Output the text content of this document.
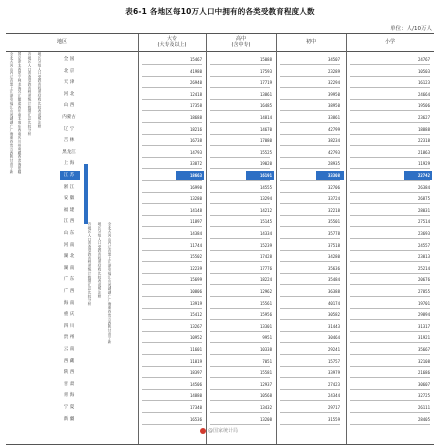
表6-1 各地区每10万人口中拥有的各类受教育程度人数
单位：人/10万人
地区	大专
(大专及以上)
高中
(含中专)	初中	小学
全北天河山内辽吉黑上江浙安福江山河湖湖广广海重四贵云西陕甘青宁新	国京津北西蒙宁林龙海苏江徽建西东南北南东西南庆川州南藏西肃海夏疆	各地区人口普查受教育程度统计数据汇总比较分析	地区分组人口受教育程度结构比较表说明注释
各地区人口普查受教育程度统计数据汇总比较分析	地区分组人口受教育程度结构比较表说明注释	全北天河山内辽吉黑上江浙安福江山河湖湖广广海重四贵云西陕甘青宁新
全 国	15467	15088	34507	24767
北 京	41980	17593	23289	10503
天 津	26940	17719	32294	16123
河 北	12418	13861	39950	24664
山 西	17358	16485	38950	19506
内蒙古	18688	14814	33861	23627
辽 宁	18216	14670	42799	18888
吉 林	16738	17080	38234	22318
黑龙江	14793	15525	42793	21863
上 海	33872	19020	28935	11929
江 苏	18663	16191	33308	22742
浙 江	16990	14555	32706	26384
安 徽	13280	13294	33724	26875
福 建	14148	14212	32218	28031
江 西	11897	15145	35501	27514
山 东	14384	14334	35778	23693
河 南	11744	15239	37518	24557
湖 北	15502	17428	34280	23013
湖 南	12239	17776	35636	25214
广 东	15699	18224	35484	20676
广 西	10806	12962	36388	27855
海 南	13919	15561	40174	19701
重 庆	15412	15956	30582	29894
四 川	13267	13301	31443	31317
贵 州	10952	9951	30464	31921
云 南	11601	10338	29241	35667
西 藏	11019	7051	15757	32108
陕 西	18397	15581	33979	21686
甘 肃	14506	12937	27423	30607
青 海	14880	10568	24344	32725
宁 夏	17340	13432	29717	26111
新 疆	16536	13208	31559	28405
@国家统计局
